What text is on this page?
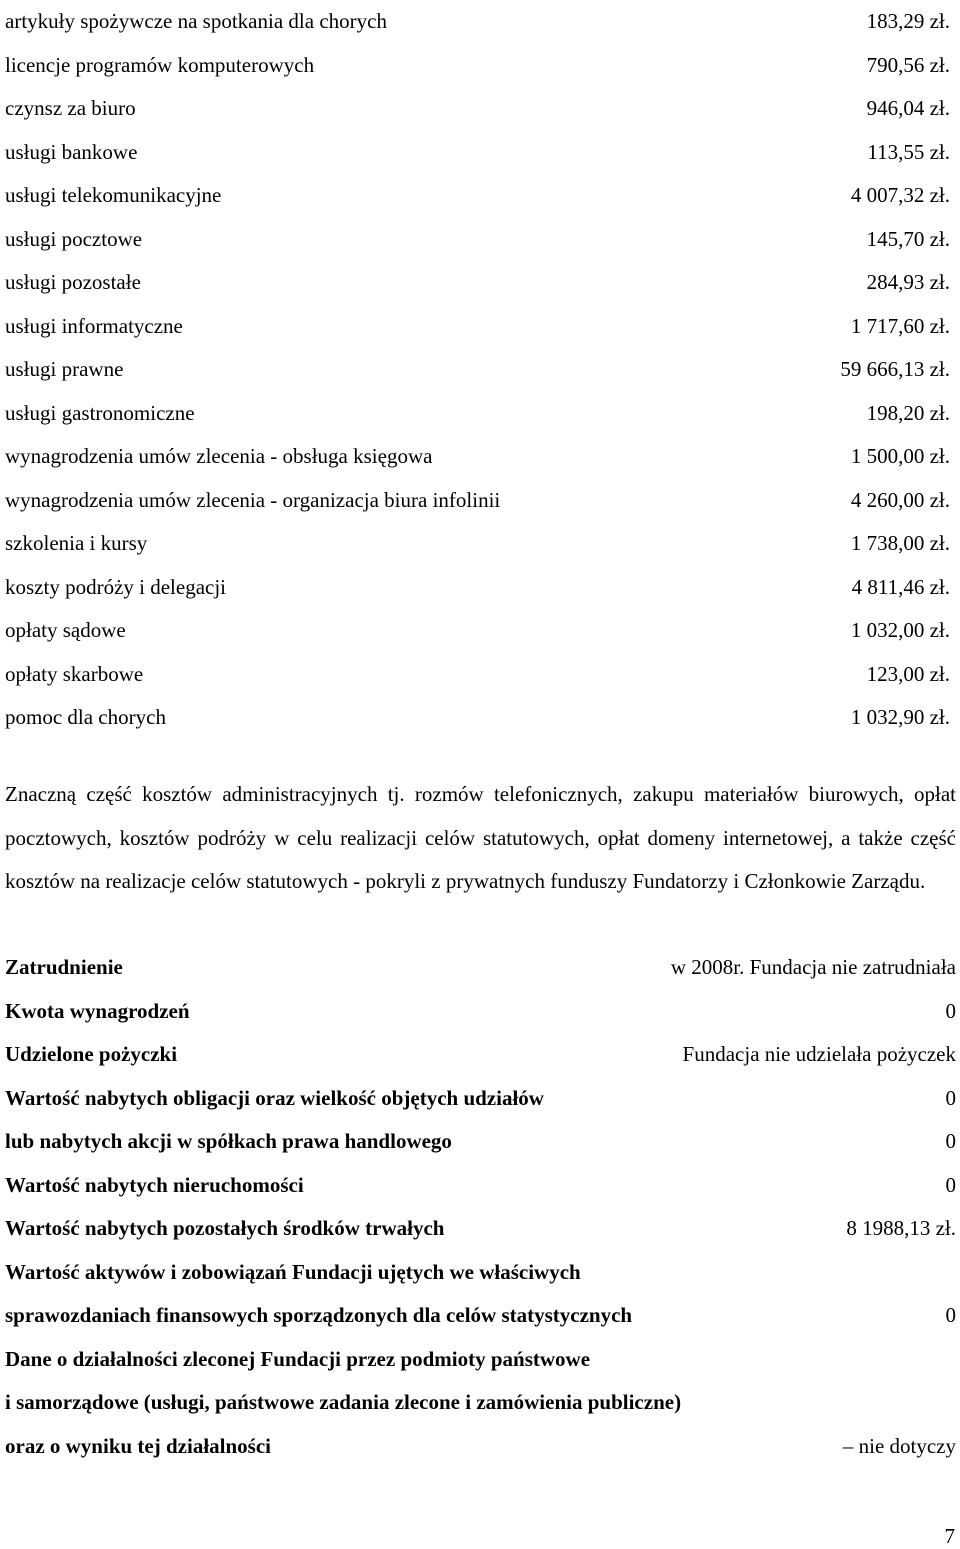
artykuły spożywcze na spotkania dla chorych	183,29 zł.
licencje programów komputerowych	790,56 zł.
czynsz za biuro	946,04 zł.
usługi bankowe	113,55 zł.
usługi telekomunikacyjne	4 007,32 zł.
usługi pocztowe	145,70 zł.
usługi pozostałe	284,93 zł.
usługi informatyczne	1 717,60 zł.
usługi prawne	59 666,13 zł.
usługi gastronomiczne	198,20 zł.
wynagrodzenia umów zlecenia - obsługa księgowa	1 500,00 zł.
wynagrodzenia umów zlecenia - organizacja biura infolinii	4 260,00 zł.
szkolenia i kursy	1 738,00 zł.
koszty podróży i delegacji	4 811,46 zł.
opłaty sądowe	1 032,00 zł.
opłaty skarbowe	123,00 zł.
pomoc dla chorych	1 032,90 zł.

Znaczną część kosztów administracyjnych tj. rozmów telefonicznych, zakupu materiałów biurowych, opłat pocztowych, kosztów podróży w celu realizacji celów statutowych, opłat domeny internetowej, a także część kosztów na realizacje celów statutowych - pokryli z prywatnych funduszy Fundatorzy i Członkowie Zarządu.

Zatrudnienie	w 2008r. Fundacja nie zatrudniała
Kwota wynagrodzeń	0
Udzielone pożyczki	Fundacja nie udzielała pożyczek
Wartość nabytych obligacji oraz wielkość objętych udziałów	0
lub nabytych akcji w spółkach prawa handlowego	0
Wartość nabytych nieruchomości	0
Wartość nabytych pozostałych środków trwałych	8 1988,13 zł.
Wartość aktywów i zobowiązań Fundacji ujętych we właściwych
sprawozdaniach finansowych sporządzonych dla celów statystycznych	0
Dane o działalności zleconej Fundacji przez podmioty państwowe
i samorządowe (usługi, państwowe zadania zlecone i zamówienia publiczne)
oraz o wyniku tej działalności	– nie dotyczy
7
